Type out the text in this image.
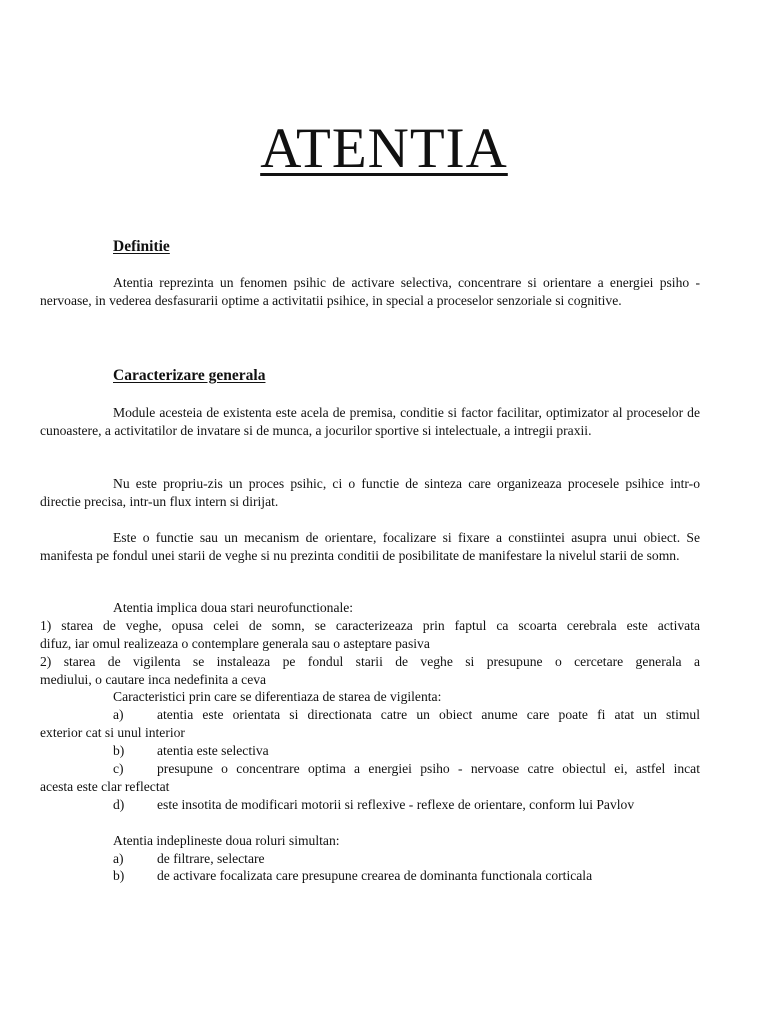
ATENTIA
Definitie
Atentia reprezinta un fenomen psihic de activare selectiva, concentrare si orientare a energiei psiho - nervoase, in vederea desfasurarii optime a activitatii psihice, in special a proceselor senzoriale si cognitive.
Caracterizare generala
Module acesteia de existenta este acela de premisa, conditie si factor facilitar, optimizator al proceselor de cunoastere, a activitatilor de invatare si de munca, a jocurilor sportive si intelectuale, a intregii praxii.
Nu este propriu-zis un proces psihic, ci o functie de sinteza care organizeaza procesele psihice intr-o directie precisa, intr-un flux intern si dirijat.
Este o functie sau un mecanism de orientare, focalizare si fixare a constiintei asupra unui obiect. Se manifesta pe fondul unei starii de veghe si nu prezinta conditii de posibilitate de manifestare la nivelul starii de somn.
Atentia implica doua stari neurofunctionale:
1) starea de veghe, opusa celei de somn, se caracterizeaza prin faptul ca scoarta cerebrala este activata
difuz, iar omul realizeaza o contemplare generala sau o asteptare pasiva
2) starea de vigilenta se instaleaza pe fondul starii de veghe si presupune o cercetare generala a
mediului, o cautare inca nedefinita a ceva
Caracteristici prin care se diferentiaza de starea de vigilenta:
a) atentia este orientata si directionata catre un obiect anume care poate fi atat un stimul
exterior cat si unul interior
b) atentia este selectiva
c) presupune o concentrare optima a energiei psiho - nervoase catre obiectul ei, astfel incat
acesta este clar reflectat
d) este insotita de modificari motorii si reflexive - reflexe de orientare, conform lui Pavlov
Atentia indeplineste doua roluri simultan:
a) de filtrare, selectare
b) de activare focalizata care presupune crearea de dominanta functionala corticala
